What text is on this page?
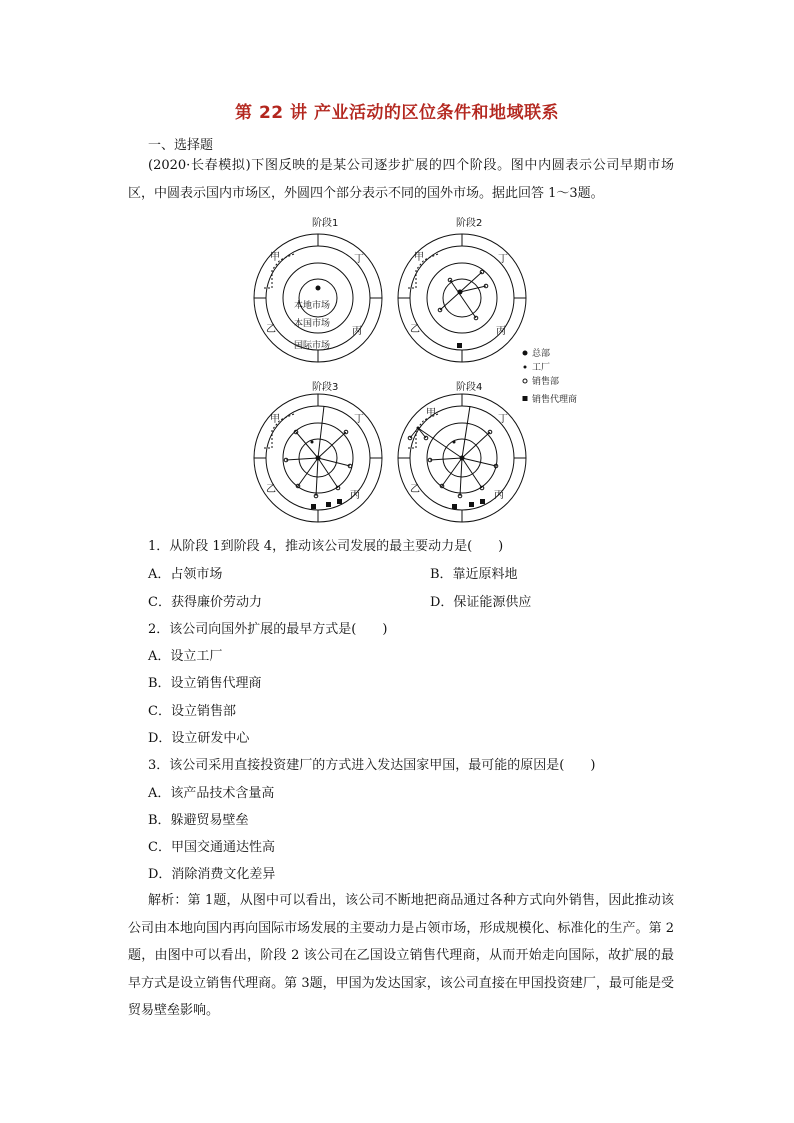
第 22 讲 产业活动的区位条件和地域联系
一、选择题
(2020·长春模拟)下图反映的是某公司逐步扩展的四个阶段。图中内圆表示公司早期市场区，中圆表示国内市场区，外圆四个部分表示不同的国外市场。据此回答 1～3题。
阶段1
甲	丁
乙	丙
本地市场
本国市场
国际市场
阶段2
甲	丁
乙	丙
总部
工厂
销售部
销售代理商
阶段3
甲	丁
乙
丙
阶段4
甲
丁
乙
丙
1．从阶段 1到阶段 4，推动该公司发展的最主要动力是(　　)
A．占领市场	B．靠近原料地
C．获得廉价劳动力	D．保证能源供应
2．该公司向国外扩展的最早方式是(　　)
A．设立工厂
B．设立销售代理商
C．设立销售部
D．设立研发中心
3．该公司采用直接投资建厂的方式进入发达国家甲国，最可能的原因是(　　)
A．该产品技术含量高
B．躲避贸易壁垒
C．甲国交通通达性高
D．消除消费文化差异
解析：第 1题，从图中可以看出，该公司不断地把商品通过各种方式向外销售，因此推动该公司由本地向国内再向国际市场发展的主要动力是占领市场，形成规模化、标准化的生产。第 2题，由图中可以看出，阶段 2 该公司在乙国设立销售代理商，从而开始走向国际，故扩展的最早方式是设立销售代理商。第 3题，甲国为发达国家，该公司直接在甲国投资建厂，最可能是受贸易壁垒影响。
